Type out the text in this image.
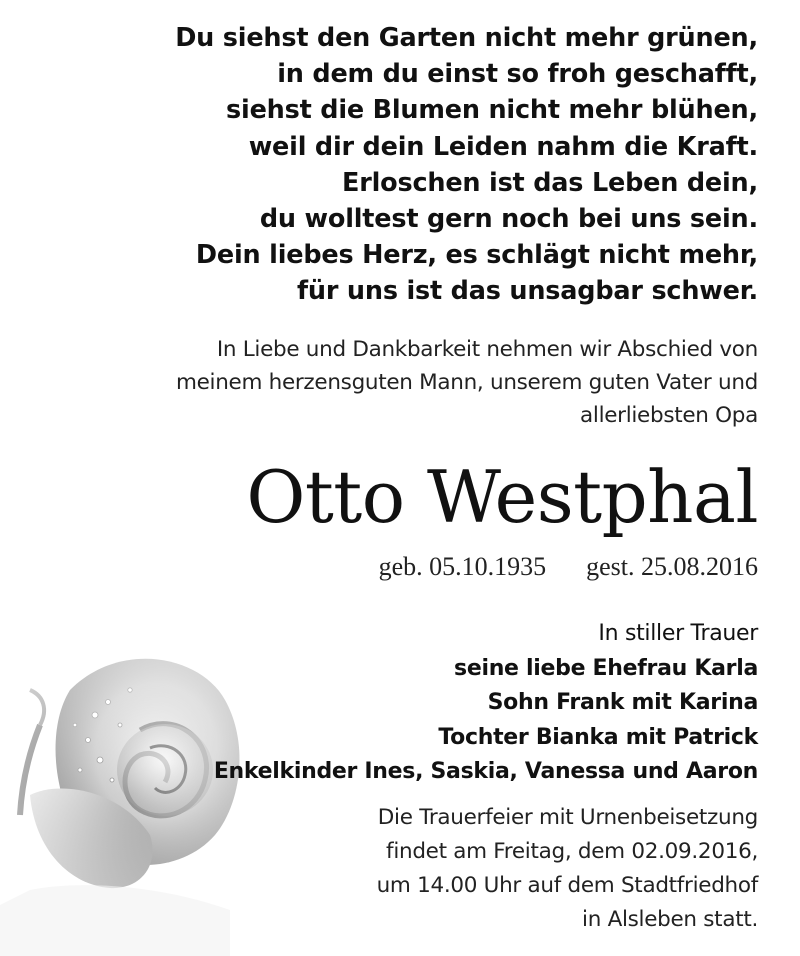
Du siehst den Garten nicht mehr grünen,
in dem du einst so froh geschafft,
siehst die Blumen nicht mehr blühen,
weil dir dein Leiden nahm die Kraft.
Erloschen ist das Leben dein,
du wolltest gern noch bei uns sein.
Dein liebes Herz, es schlägt nicht mehr,
für uns ist das unsagbar schwer.
In Liebe und Dankbarkeit nehmen wir Abschied von
meinem herzensguten Mann, unserem guten Vater und
allerliebsten Opa
Otto Westphal
geb. 05.10.1935 gest. 25.08.2016
In stiller Trauer
seine liebe Ehefrau Karla
Sohn Frank mit Karina
Tochter Bianka mit Patrick
Enkelkinder Ines, Saskia, Vanessa und Aaron
Die Trauerfeier mit Urnenbeisetzung
findet am Freitag, dem 02.09.2016,
um 14.00 Uhr auf dem Stadtfriedhof
in Alsleben statt.
